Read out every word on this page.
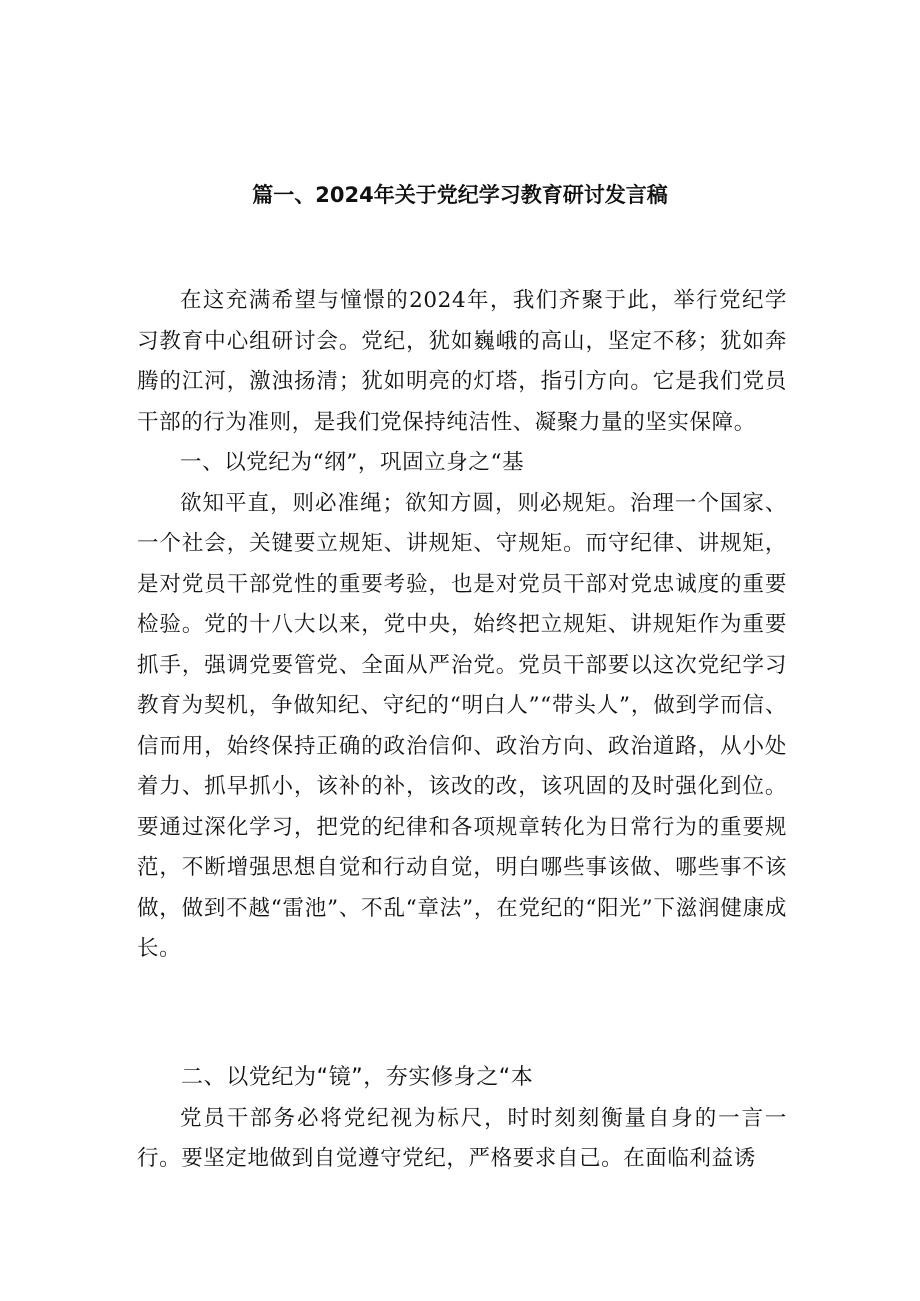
篇一、2024年关于党纪学习教育研讨发言稿

在这充满希望与憧憬的2024年，我们齐聚于此，举行党纪学习教育中心组研讨会。党纪，犹如巍峨的高山，坚定不移；犹如奔腾的江河，激浊扬清；犹如明亮的灯塔，指引方向。它是我们党员干部的行为准则，是我们党保持纯洁性、凝聚力量的坚实保障。

一、以党纪为“纲”，巩固立身之“基

欲知平直，则必准绳；欲知方圆，则必规矩。治理一个国家、一个社会，关键要立规矩、讲规矩、守规矩。而守纪律、讲规矩，是对党员干部党性的重要考验，也是对党员干部对党忠诚度的重要检验。党的十八大以来，党中央，始终把立规矩、讲规矩作为重要抓手，强调党要管党、全面从严治党。党员干部要以这次党纪学习教育为契机，争做知纪、守纪的“明白人”“带头人”，做到学而信、信而用，始终保持正确的政治信仰、政治方向、政治道路，从小处着力、抓早抓小，该补的补，该改的改，该巩固的及时强化到位。要通过深化学习，把党的纪律和各项规章转化为日常行为的重要规范，不断增强思想自觉和行动自觉，明白哪些事该做、哪些事不该做，做到不越“雷池”、不乱“章法”，在党纪的“阳光”下滋润健康成长。

二、以党纪为“镜”，夯实修身之“本

党员干部务必将党纪视为标尺，时时刻刻衡量自身的一言一行。要坚定地做到自觉遵守党纪，严格要求自己。在面临利益诱
